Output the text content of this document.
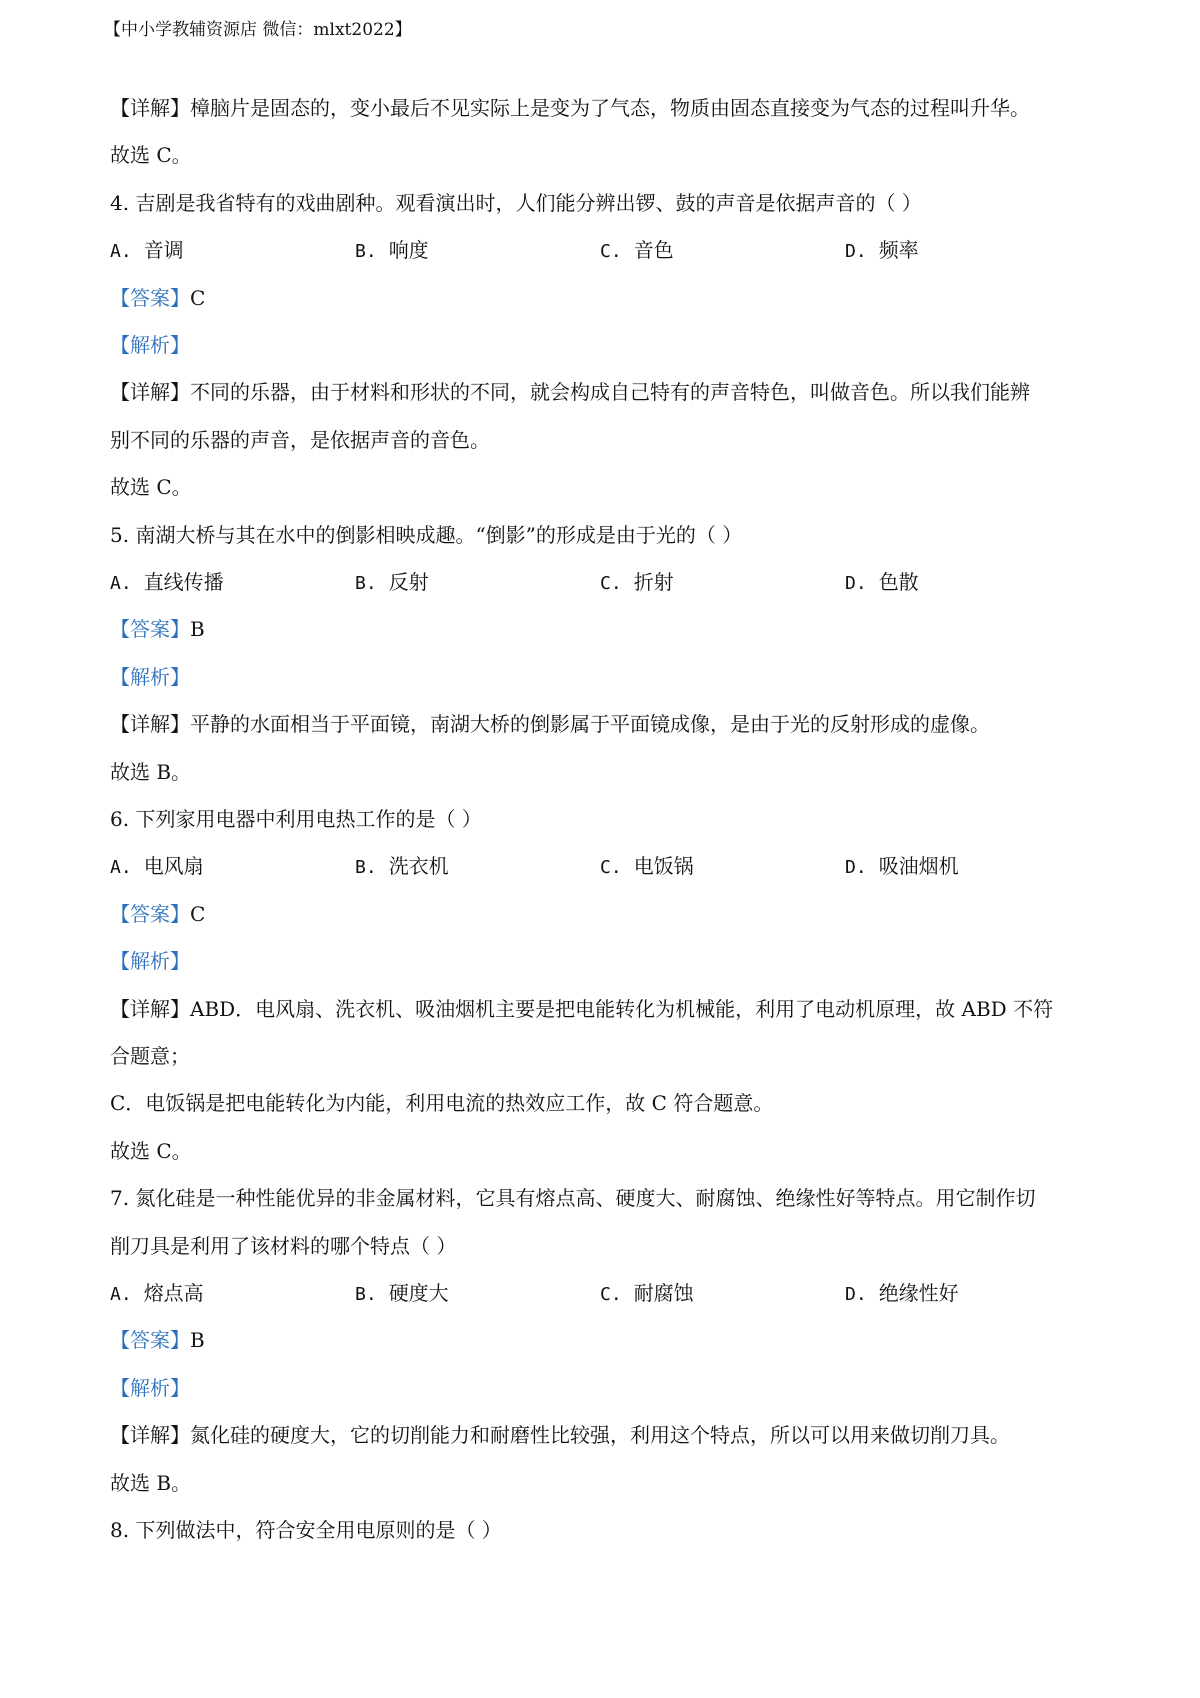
【中小学教辅资源店 微信：mlxt2022】
【详解】樟脑片是固态的，变小最后不见实际上是变为了气态，物质由固态直接变为气态的过程叫升华。
故选 C。
4. 吉剧是我省特有的戏曲剧种。观看演出时，人们能分辨出锣、鼓的声音是依据声音的（ ）
A. 音调	B. 响度	C. 音色	D. 频率
【答案】C
【解析】
【详解】不同的乐器，由于材料和形状的不同，就会构成自己特有的声音特色，叫做音色。所以我们能辨
别不同的乐器的声音，是依据声音的音色。
故选 C。
5. 南湖大桥与其在水中的倒影相映成趣。“倒影”的形成是由于光的（ ）
A. 直线传播	B. 反射	C. 折射	D. 色散
【答案】B
【解析】
【详解】平静的水面相当于平面镜，南湖大桥的倒影属于平面镜成像，是由于光的反射形成的虚像。
故选 B。
6. 下列家用电器中利用电热工作的是（ ）
A. 电风扇	B. 洗衣机	C. 电饭锅	D. 吸油烟机
【答案】C
【解析】
【详解】ABD．电风扇、洗衣机、吸油烟机主要是把电能转化为机械能，利用了电动机原理，故 ABD 不符
合题意；
C．电饭锅是把电能转化为内能，利用电流的热效应工作，故 C 符合题意。
故选 C。
7. 氮化硅是一种性能优异的非金属材料，它具有熔点高、硬度大、耐腐蚀、绝缘性好等特点。用它制作切
削刀具是利用了该材料的哪个特点（ ）
A. 熔点高	B. 硬度大	C. 耐腐蚀	D. 绝缘性好
【答案】B
【解析】
【详解】氮化硅的硬度大，它的切削能力和耐磨性比较强，利用这个特点，所以可以用来做切削刀具。
故选 B。
8. 下列做法中，符合安全用电原则的是（ ）
